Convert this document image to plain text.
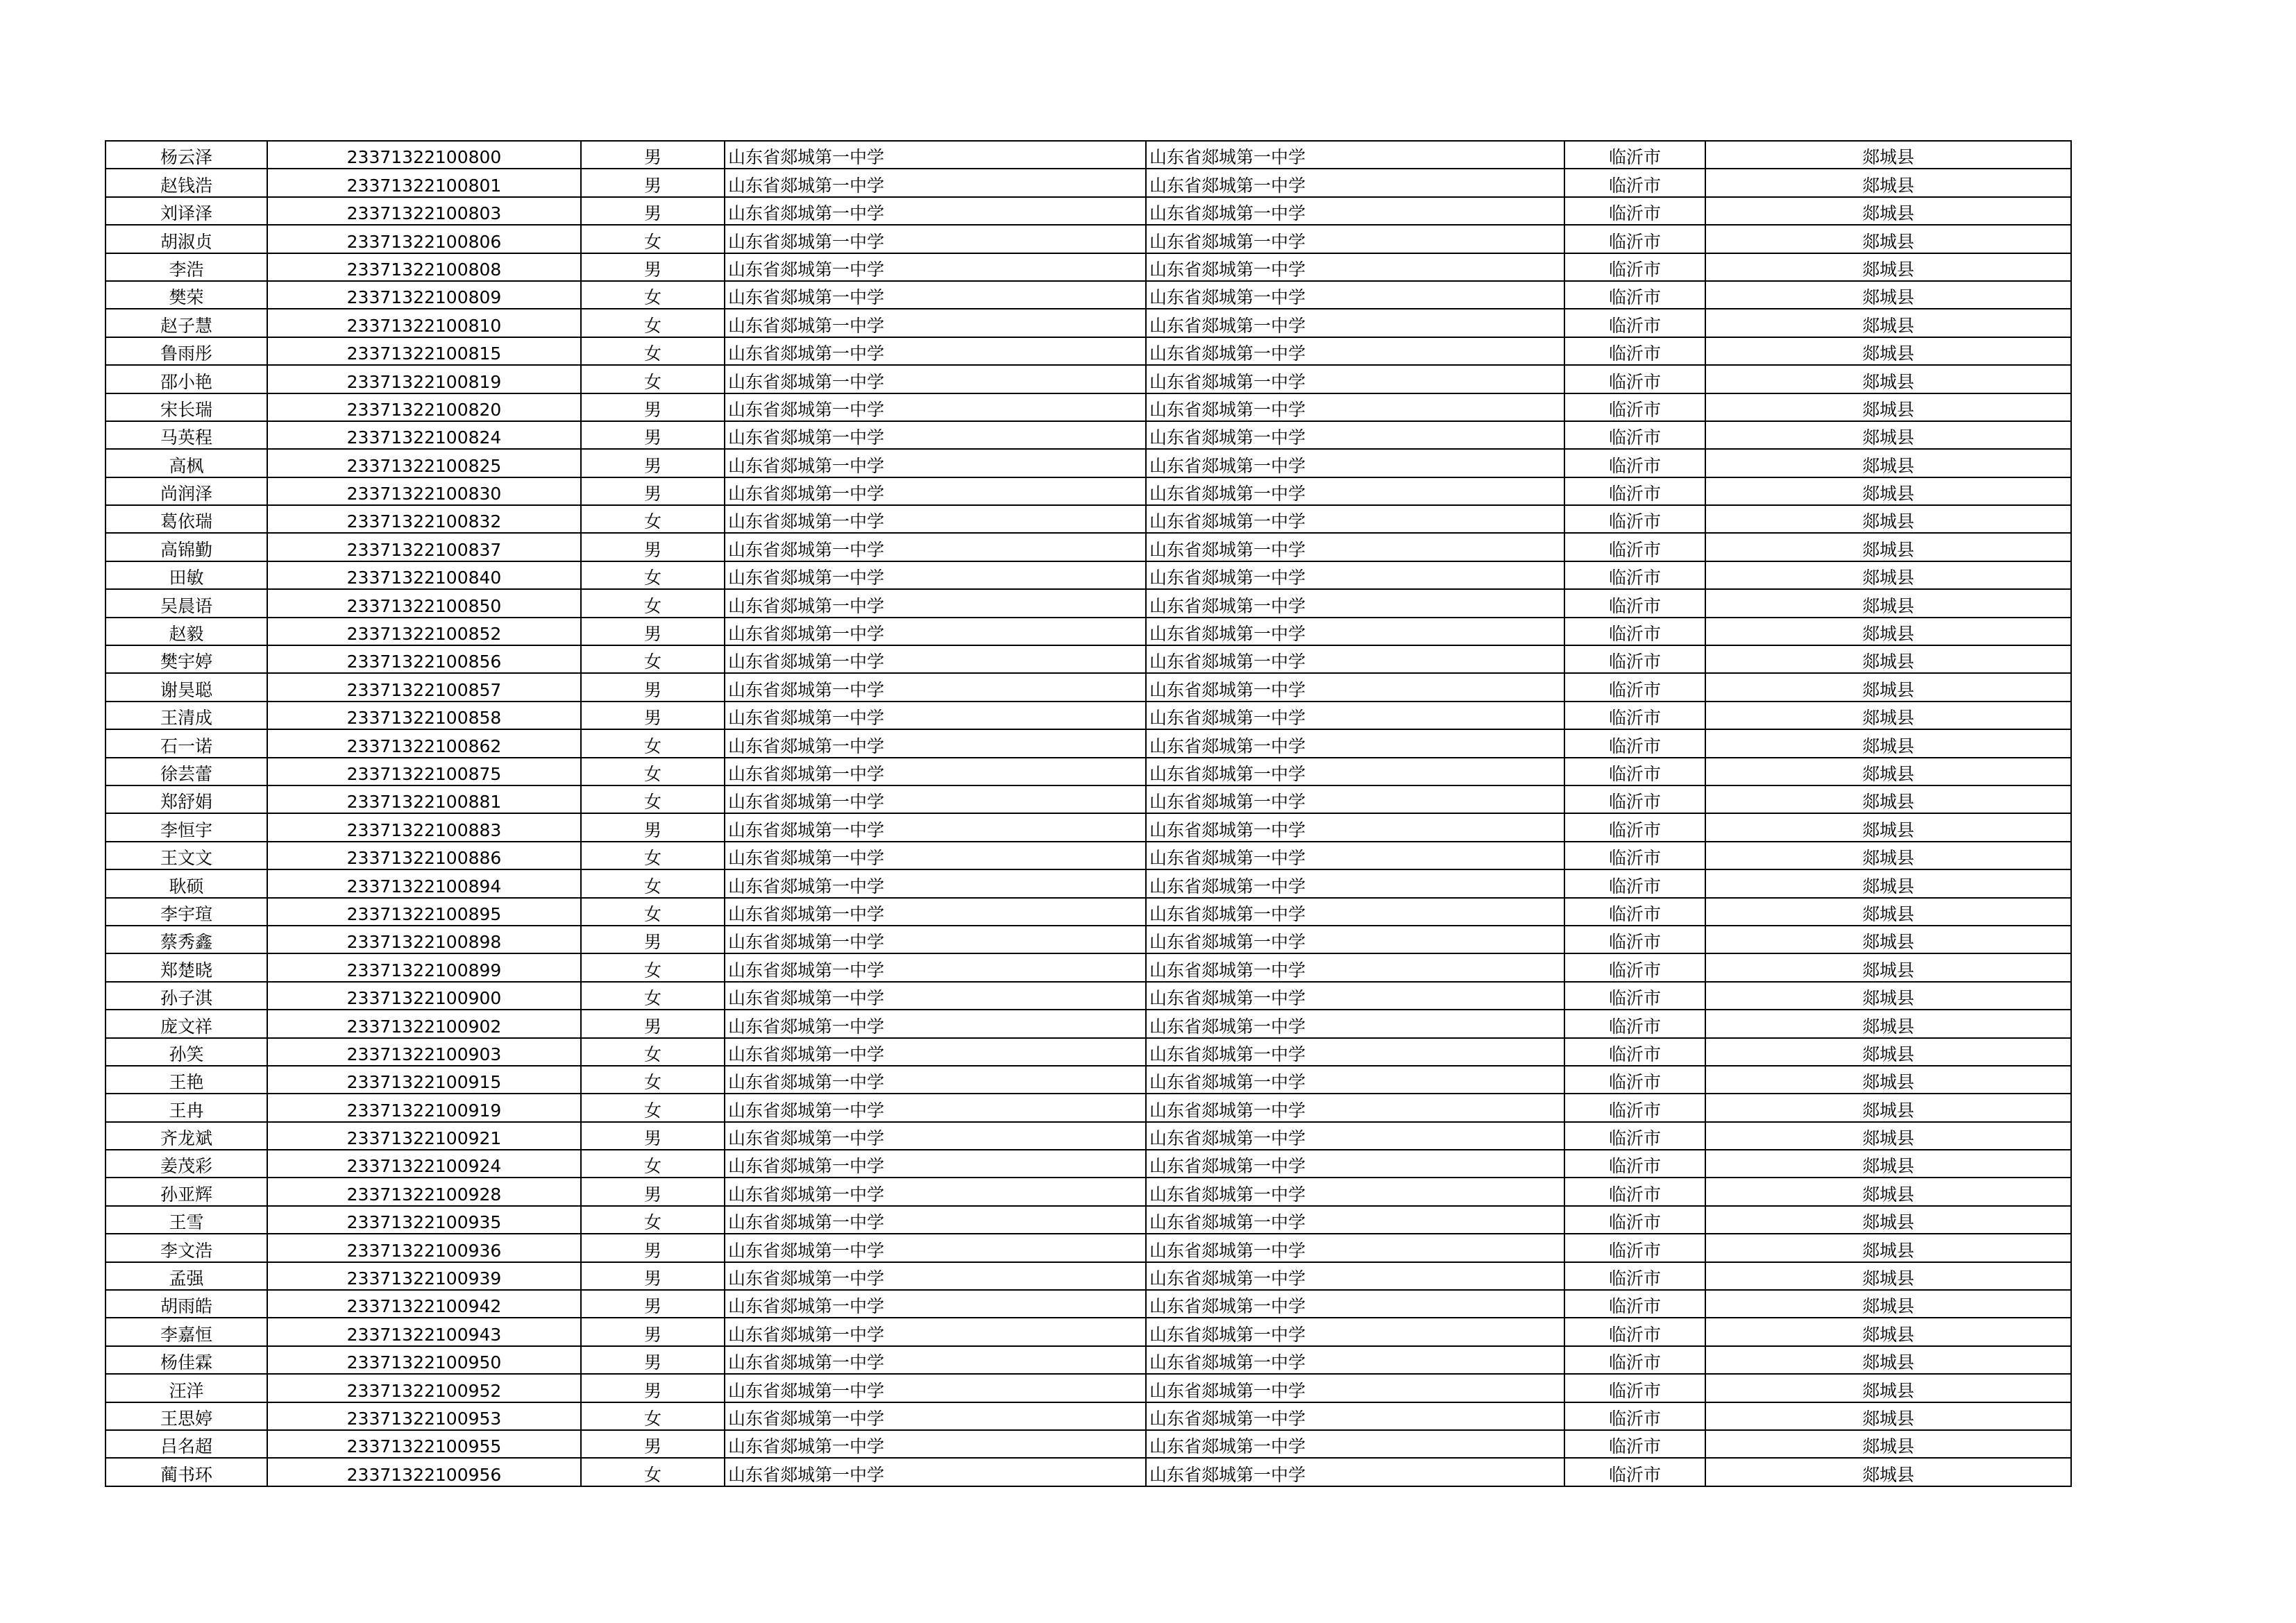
杨云泽	23371322100800	男	山东省郯城第一中学	山东省郯城第一中学	临沂市	郯城县
赵钱浩	23371322100801	男	山东省郯城第一中学	山东省郯城第一中学	临沂市	郯城县
刘译泽	23371322100803	男	山东省郯城第一中学	山东省郯城第一中学	临沂市	郯城县
胡淑贞	23371322100806	女	山东省郯城第一中学	山东省郯城第一中学	临沂市	郯城县
李浩	23371322100808	男	山东省郯城第一中学	山东省郯城第一中学	临沂市	郯城县
樊荣	23371322100809	女	山东省郯城第一中学	山东省郯城第一中学	临沂市	郯城县
赵子慧	23371322100810	女	山东省郯城第一中学	山东省郯城第一中学	临沂市	郯城县
鲁雨彤	23371322100815	女	山东省郯城第一中学	山东省郯城第一中学	临沂市	郯城县
邵小艳	23371322100819	女	山东省郯城第一中学	山东省郯城第一中学	临沂市	郯城县
宋长瑞	23371322100820	男	山东省郯城第一中学	山东省郯城第一中学	临沂市	郯城县
马英程	23371322100824	男	山东省郯城第一中学	山东省郯城第一中学	临沂市	郯城县
高枫	23371322100825	男	山东省郯城第一中学	山东省郯城第一中学	临沂市	郯城县
尚润泽	23371322100830	男	山东省郯城第一中学	山东省郯城第一中学	临沂市	郯城县
葛依瑞	23371322100832	女	山东省郯城第一中学	山东省郯城第一中学	临沂市	郯城县
高锦勤	23371322100837	男	山东省郯城第一中学	山东省郯城第一中学	临沂市	郯城县
田敏	23371322100840	女	山东省郯城第一中学	山东省郯城第一中学	临沂市	郯城县
吴晨语	23371322100850	女	山东省郯城第一中学	山东省郯城第一中学	临沂市	郯城县
赵毅	23371322100852	男	山东省郯城第一中学	山东省郯城第一中学	临沂市	郯城县
樊宇婷	23371322100856	女	山东省郯城第一中学	山东省郯城第一中学	临沂市	郯城县
谢昊聪	23371322100857	男	山东省郯城第一中学	山东省郯城第一中学	临沂市	郯城县
王清成	23371322100858	男	山东省郯城第一中学	山东省郯城第一中学	临沂市	郯城县
石一诺	23371322100862	女	山东省郯城第一中学	山东省郯城第一中学	临沂市	郯城县
徐芸蕾	23371322100875	女	山东省郯城第一中学	山东省郯城第一中学	临沂市	郯城县
郑舒娟	23371322100881	女	山东省郯城第一中学	山东省郯城第一中学	临沂市	郯城县
李恒宇	23371322100883	男	山东省郯城第一中学	山东省郯城第一中学	临沂市	郯城县
王文文	23371322100886	女	山东省郯城第一中学	山东省郯城第一中学	临沂市	郯城县
耿硕	23371322100894	女	山东省郯城第一中学	山东省郯城第一中学	临沂市	郯城县
李宇瑄	23371322100895	女	山东省郯城第一中学	山东省郯城第一中学	临沂市	郯城县
蔡秀鑫	23371322100898	男	山东省郯城第一中学	山东省郯城第一中学	临沂市	郯城县
郑楚晓	23371322100899	女	山东省郯城第一中学	山东省郯城第一中学	临沂市	郯城县
孙子淇	23371322100900	女	山东省郯城第一中学	山东省郯城第一中学	临沂市	郯城县
庞文祥	23371322100902	男	山东省郯城第一中学	山东省郯城第一中学	临沂市	郯城县
孙笑	23371322100903	女	山东省郯城第一中学	山东省郯城第一中学	临沂市	郯城县
王艳	23371322100915	女	山东省郯城第一中学	山东省郯城第一中学	临沂市	郯城县
王冉	23371322100919	女	山东省郯城第一中学	山东省郯城第一中学	临沂市	郯城县
齐龙斌	23371322100921	男	山东省郯城第一中学	山东省郯城第一中学	临沂市	郯城县
姜茂彩	23371322100924	女	山东省郯城第一中学	山东省郯城第一中学	临沂市	郯城县
孙亚辉	23371322100928	男	山东省郯城第一中学	山东省郯城第一中学	临沂市	郯城县
王雪	23371322100935	女	山东省郯城第一中学	山东省郯城第一中学	临沂市	郯城县
李文浩	23371322100936	男	山东省郯城第一中学	山东省郯城第一中学	临沂市	郯城县
孟强	23371322100939	男	山东省郯城第一中学	山东省郯城第一中学	临沂市	郯城县
胡雨皓	23371322100942	男	山东省郯城第一中学	山东省郯城第一中学	临沂市	郯城县
李嘉恒	23371322100943	男	山东省郯城第一中学	山东省郯城第一中学	临沂市	郯城县
杨佳霖	23371322100950	男	山东省郯城第一中学	山东省郯城第一中学	临沂市	郯城县
汪洋	23371322100952	男	山东省郯城第一中学	山东省郯城第一中学	临沂市	郯城县
王思婷	23371322100953	女	山东省郯城第一中学	山东省郯城第一中学	临沂市	郯城县
吕名超	23371322100955	男	山东省郯城第一中学	山东省郯城第一中学	临沂市	郯城县
蔺书环	23371322100956	女	山东省郯城第一中学	山东省郯城第一中学	临沂市	郯城县
